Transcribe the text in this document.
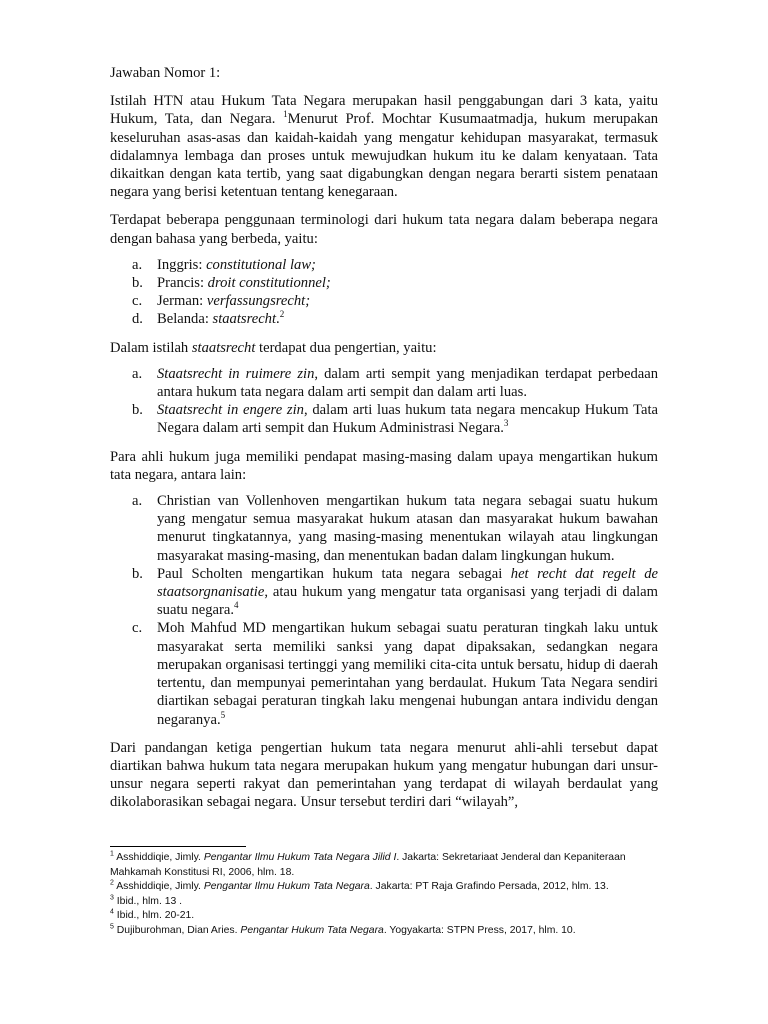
Jawaban Nomor 1:

Istilah HTN atau Hukum Tata Negara merupakan hasil penggabungan dari 3 kata, yaitu Hukum, Tata, dan Negara. $^1$Menurut Prof. Mochtar Kusumaatmadja, hukum merupakan keseluruhan asas-asas dan kaidah-kaidah yang mengatur kehidupan masyarakat, termasuk didalamnya lembaga dan proses untuk mewujudkan hukum itu ke dalam kenyataan. Tata dikaitkan dengan kata tertib, yang saat digabungkan dengan negara berarti sistem penataan negara yang berisi ketentuan tentang kenegaraan.

Terdapat beberapa penggunaan terminologi dari hukum tata negara dalam beberapa negara dengan bahasa yang berbeda, yaitu:

a. Inggris: constitutional law;
b. Prancis: droit constitutionnel;
c. Jerman: verfassungsrecht;
d. Belanda: staatsrecht.$^2$

Dalam istilah staatsrecht terdapat dua pengertian, yaitu:

a. Staatsrecht in ruimere zin, dalam arti sempit yang menjadikan terdapat perbedaan antara hukum tata negara dalam arti sempit dan dalam arti luas.
b. Staatsrecht in engere zin, dalam arti luas hukum tata negara mencakup Hukum Tata Negara dalam arti sempit dan Hukum Administrasi Negara.$^3$

Para ahli hukum juga memiliki pendapat masing-masing dalam upaya mengartikan hukum tata negara, antara lain:

a. Christian van Vollenhoven mengartikan hukum tata negara sebagai suatu hukum yang mengatur semua masyarakat hukum atasan dan masyarakat hukum bawahan menurut tingkatannya, yang masing-masing menentukan wilayah atau lingkungan masyarakat masing-masing, dan menentukan badan dalam lingkungan hukum.
b. Paul Scholten mengartikan hukum tata negara sebagai het recht dat regelt de staatsorgnanisatie, atau hukum yang mengatur tata organisasi yang terjadi di dalam suatu negara.$^4$
c. Moh Mahfud MD mengartikan hukum sebagai suatu peraturan tingkah laku untuk masyarakat serta memiliki sanksi yang dapat dipaksakan, sedangkan negara merupakan organisasi tertinggi yang memiliki cita-cita untuk bersatu, hidup di daerah tertentu, dan mempunyai pemerintahan yang berdaulat. Hukum Tata Negara sendiri diartikan sebagai peraturan tingkah laku mengenai hubungan antara individu dengan negaranya.$^5$

Dari pandangan ketiga pengertian hukum tata negara menurut ahli-ahli tersebut dapat diartikan bahwa hukum tata negara merupakan hukum yang mengatur hubungan dari unsur-unsur negara seperti rakyat dan pemerintahan yang terdapat di wilayah berdaulat yang dikolaborasikan sebagai negara. Unsur tersebut terdiri dari “wilayah”,

$^1$ Asshiddiqie, Jimly. Pengantar Ilmu Hukum Tata Negara Jilid I. Jakarta: Sekretariaat Jenderal dan Kepaniteraan Mahkamah Konstitusi RI, 2006, hlm. 18.
$^2$ Asshiddiqie, Jimly. Pengantar Ilmu Hukum Tata Negara. Jakarta: PT Raja Grafindo Persada, 2012, hlm. 13.
$^3$ Ibid., hlm. 13 .
$^4$ Ibid., hlm. 20-21.
$^5$ Dujiburohman, Dian Aries. Pengantar Hukum Tata Negara. Yogyakarta: STPN Press, 2017, hlm. 10.
